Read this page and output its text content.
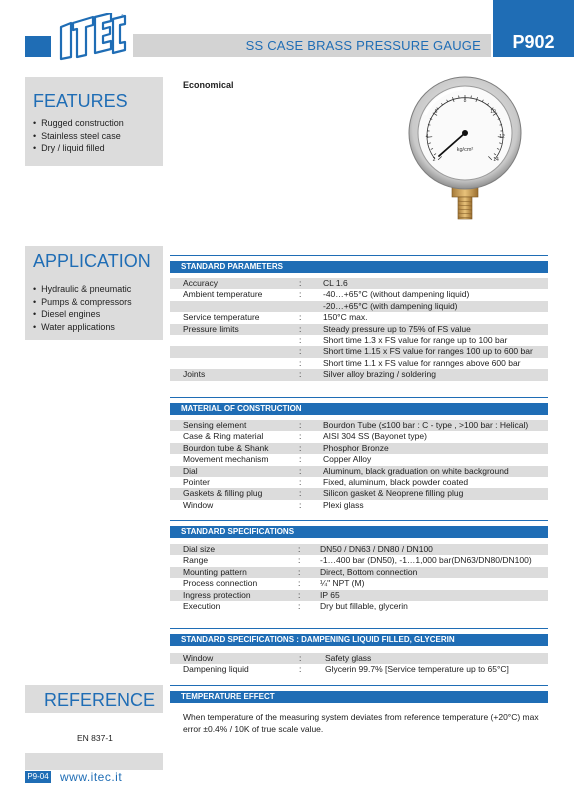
®
SS CASE BRASS PRESSURE GAUGE	P902
FEATURES
• Rugged construction
• Stainless steel case
• Dry / liquid filled
APPLICATION
• Hydraulic & pneumatic
• Pumps & compressors
• Diesel engines
• Water applications
REFERENCE
EN 837-1
P9-04 www.itec.it
Economical
2
4
6
8
10
12
14
kg/cm²
STANDARD PARAMETERS
Accuracy	:	CL 1.6
Ambient temperature	:	-40…+65°C (without dampening liquid)
-20…+65°C (with dampening liquid)
Service temperature	:	150°C max.
Pressure limits	:	Steady pressure up to 75% of FS value
:	Short time 1.3 x FS value for range up to 100 bar
:	Short time 1.15 x FS value for ranges 100 up to 600 bar
:	Short time 1.1 x FS value for rannges above 600 bar
Joints	:	Silver alloy brazing / soldering
MATERIAL OF CONSTRUCTION
Sensing element	:	Bourdon Tube (≤100 bar : C - type , >100 bar : Helical)
Case & Ring material	:	AISI 304 SS (Bayonet type)
Bourdon tube & Shank	:	Phosphor Bronze
Movement mechanism	:	Copper Alloy
Dial	:	Aluminum, black graduation on white background
Pointer	:	Fixed, aluminum, black powder coated
Gaskets & filling plug	:	Silicon gasket & Neoprene filling plug
Window	:	Plexi glass
STANDARD SPECIFICATIONS
Dial size	: DN50 / DN63 / DN80 / DN100
Range	: -1…400 bar (DN50), -1…1,000 bar(DN63/DN80/DN100)
Mounting pattern	: Direct, Bottom connection
Process connection	: ¼" NPT (M)
Ingress protection	: IP 65
Execution	: Dry but fillable, glycerin
STANDARD SPECIFICATIONS : DAMPENING LIQUID FILLED, GLYCERIN
Window	:	Safety glass
Dampening liquid	:	Glycerin 99.7% [Service temperature up to 65°C]
TEMPERATURE EFFECT
When temperature of the measuring system deviates from reference temperature (+20°C) max error ±0.4% / 10K of true scale value.
